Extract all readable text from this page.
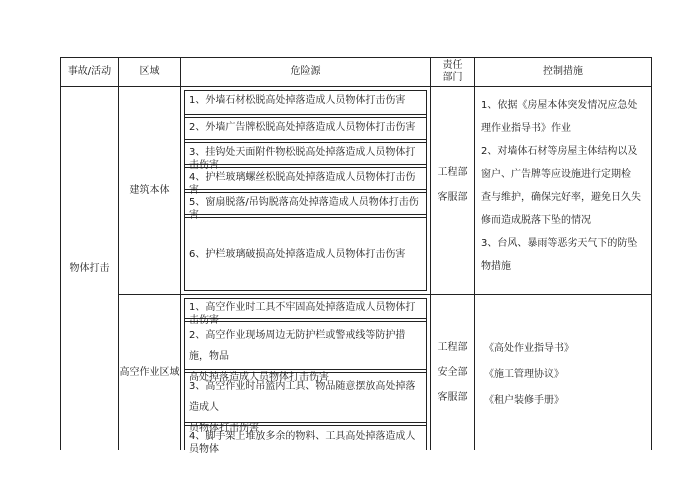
事故/活动	区域	危险源
责任
部门
控制措施
物体打击
建筑本体
1、外墙石材松脱高处掉落造成人员物体打击伤害
2、外墙广告牌松脱高处掉落造成人员物体打击伤害
3、挂钩处天面附件物松脱高处掉落造成人员物体打击伤害
4、护栏玻璃螺丝松脱高处掉落造成人员物体打击伤害
5、窗扇脱落/吊钩脱落高处掉落造成人员物体打击伤害
6、护栏玻璃破损高处掉落造成人员物体打击伤害
工程部
客服部
1、依据《房屋本体突发情况应急处
理作业指导书》作业
2、对墙体石材等房屋主体结构以及
窗户、广告牌等应设施进行定期检
查与维护，确保完好率，避免日久失
修而造成脱落下坠的情况
3、台风、暴雨等恶劣天气下的防坠
物措施
高空作业区域
1、高空作业时工具不牢固高处掉落造成人员物体打击伤害
2、高空作业现场周边无防护栏或警戒线等防护措施，物品
高处掉落造成人员物体打击伤害
3、高空作业时吊篮内工具、物品随意摆放高处掉落造成人
员物体打击伤害
4、脚手架上堆放多余的物料、工具高处掉落造成人员物体
工程部
安全部
客服部
《高处作业指导书》
《施工管理协议》
《租户装修手册》
